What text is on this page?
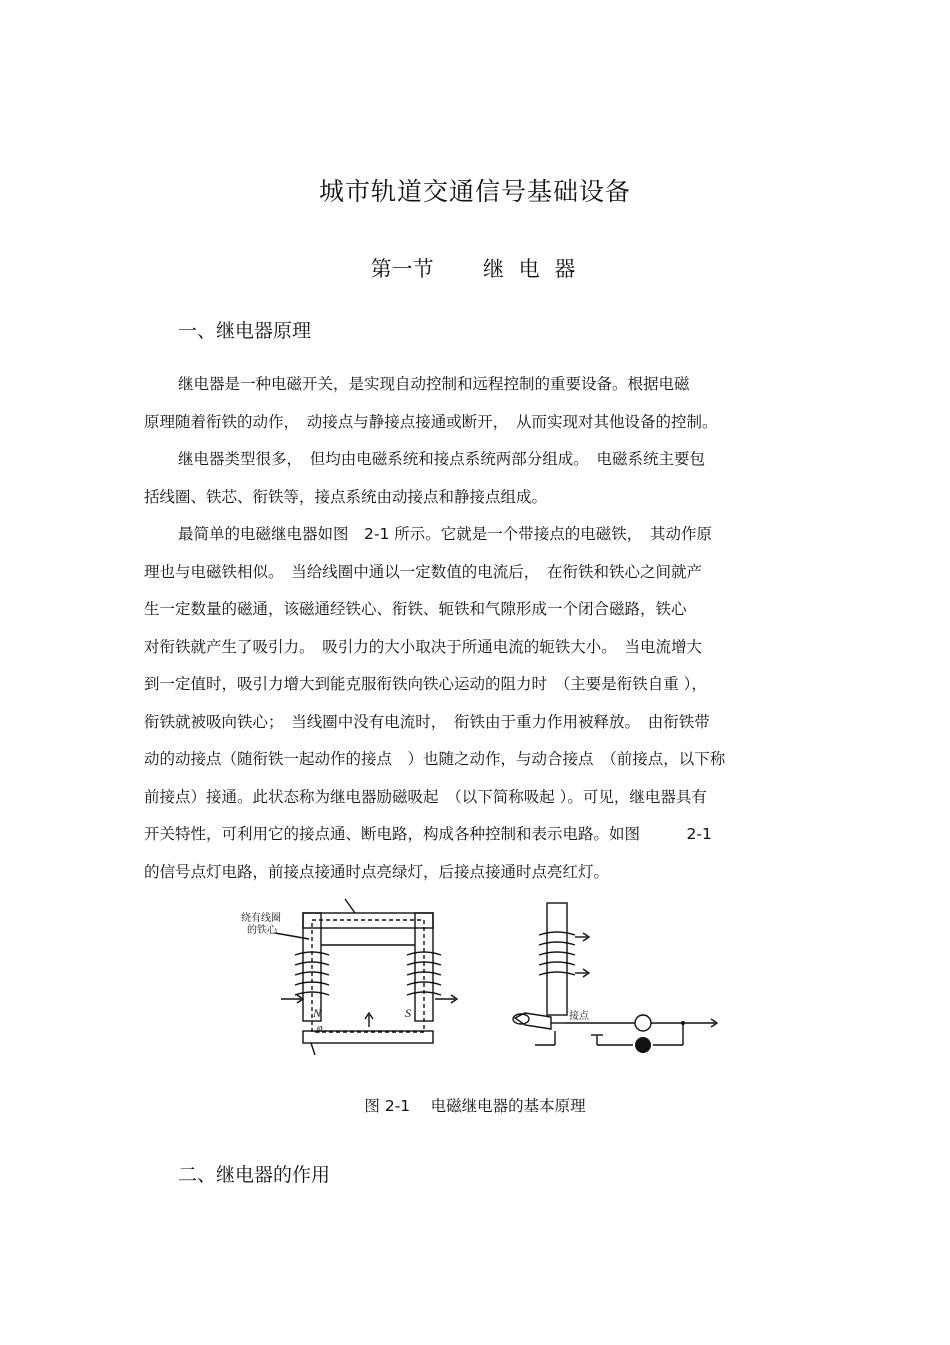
城市轨道交通信号基础设备
第一节 继 电 器
一、继电器原理
继电器是一种电磁开关，是实现自动控制和远程控制的重要设备。根据电磁
原理随着衔铁的动作，　动接点与静接点接通或断开，　从而实现对其他设备的控制。
继电器类型很多，　但均由电磁系统和接点系统两部分组成。　电磁系统主要包
括线圈、铁芯、衔铁等，接点系统由动接点和静接点组成。
最简单的电磁继电器如图　2-1 所示。它就是一个带接点的电磁铁，　其动作原
理也与电磁铁相似。　当给线圈中通以一定数值的电流后，　在衔铁和铁心之间就产
生一定数量的磁通，该磁通经铁心、衔铁、轭铁和气隙形成一个闭合磁路，铁心
对衔铁就产生了吸引力。　吸引力的大小取决于所通电流的轭铁大小。　当电流增大
到一定值时，吸引力增大到能克服衔铁向铁心运动的阻力时　（主要是衔铁自重 ），
衔铁就被吸向铁心；　当线圈中没有电流时，　衔铁由于重力作用被释放。　由衔铁带
动的动接点（随衔铁一起动作的接点　）也随之动作，与动合接点　（前接点，以下称
前接点）接通。此状态称为继电器励磁吸起　（以下简称吸起 ）。可见，继电器具有
开关特性，可利用它的接点通、断电路，构成各种控制和表示电路。如图　　　2-1
的信号点灯电路，前接点接通时点亮绿灯，后接点接通时点亮红灯。
绕有线圈
的铁心
N	S
φ
接点
图 2-1　 电磁继电器的基本原理
二、继电器的作用
